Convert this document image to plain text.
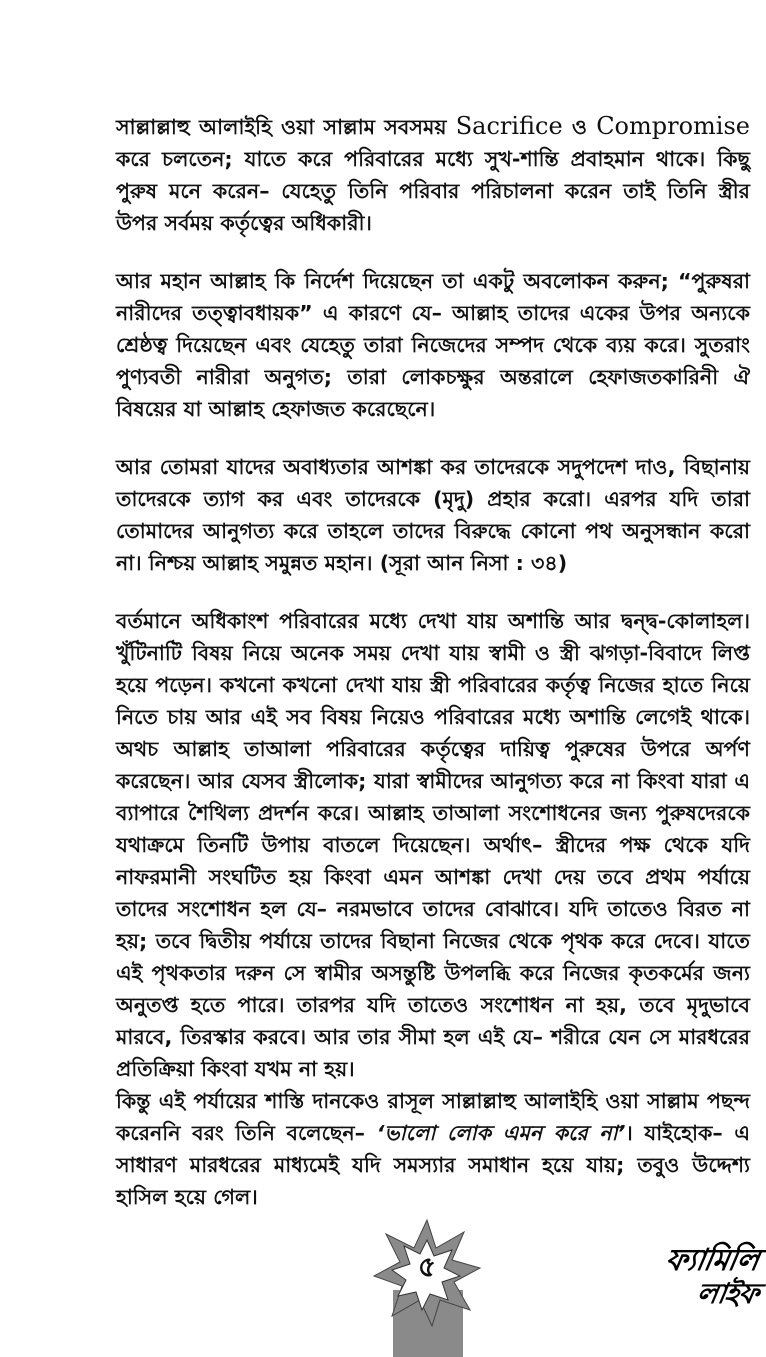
সাল্লাল্লাহু আলাইহি ওয়া সাল্লাম সবসময় Sacrifice ও Compromise করে চলতেন; যাতে করে পরিবারের মধ্যে সুখ-শান্তি প্রবাহমান থাকে। কিছু পুরুষ মনে করেন– যেহেতু তিনি পরিবার পরিচালনা করেন তাই তিনি স্ত্রীর উপর সর্বময় কর্তৃত্বের অধিকারী।

আর মহান আল্লাহ কি নির্দেশ দিয়েছেন তা একটু অবলোকন করুন; “পুরুষরা নারীদের তত্ত্বাবধায়ক” এ কারণে যে– আল্লাহ তাদের একের উপর অন্যকে শ্রেষ্ঠত্ব দিয়েছেন এবং যেহেতু তারা নিজেদের সম্পদ থেকে ব্যয় করে। সুতরাং পুণ্যবতী নারীরা অনুগত; তারা লোকচক্ষুর অন্তরালে হেফাজতকারিনী ঐ বিষয়ের যা আল্লাহ হেফাজত করেছেনে।

আর তোমরা যাদের অবাধ্যতার আশঙ্কা কর তাদেরকে সদুপদেশ দাও, বিছানায় তাদেরকে ত্যাগ কর এবং তাদেরকে (মৃদু) প্রহার করো। এরপর যদি তারা তোমাদের আনুগত্য করে তাহলে তাদের বিরুদ্ধে কোনো পথ অনুসন্ধান করো না। নিশ্চয় আল্লাহ সমুন্নত মহান। (সূরা আন নিসা : ৩৪)

বর্তমানে অধিকাংশ পরিবারের মধ্যে দেখা যায় অশান্তি আর দ্বন্দ্ব-কোলাহল। খুঁটিনাটি বিষয় নিয়ে অনেক সময় দেখা যায় স্বামী ও স্ত্রী ঝগড়া-বিবাদে লিপ্ত হয়ে পড়েন। কখনো কখনো দেখা যায় স্ত্রী পরিবারের কর্তৃত্ব নিজের হাতে নিয়ে নিতে চায় আর এই সব বিষয় নিয়েও পরিবারের মধ্যে অশান্তি লেগেই থাকে। অথচ আল্লাহ তাআলা পরিবারের কর্তৃত্বের দায়িত্ব পুরুষের উপরে অর্পণ করেছেন। আর যেসব স্ত্রীলোক; যারা স্বামীদের আনুগত্য করে না কিংবা যারা এ ব্যাপারে শৈথিল্য প্রদর্শন করে। আল্লাহ তাআলা সংশোধনের জন্য পুরুষদেরকে যথাক্রমে তিনটি উপায় বাতলে দিয়েছেন। অর্থাৎ– স্ত্রীদের পক্ষ থেকে যদি নাফরমানী সংঘটিত হয় কিংবা এমন আশঙ্কা দেখা দেয় তবে প্রথম পর্যায়ে তাদের সংশোধন হল যে– নরমভাবে তাদের বোঝাবে। যদি তাতেও বিরত না হয়; তবে দ্বিতীয় পর্যায়ে তাদের বিছানা নিজের থেকে পৃথক করে দেবে। যাতে এই পৃথকতার দরুন সে স্বামীর অসন্তুষ্টি উপলব্ধি করে নিজের কৃতকর্মের জন্য অনুতপ্ত হতে পারে। তারপর যদি তাতেও সংশোধন না হয়, তবে মৃদুভাবে মারবে, তিরস্কার করবে। আর তার সীমা হল এই যে– শরীরে যেন সে মারধরের প্রতিক্রিয়া কিংবা যখম না হয়।

কিন্তু এই পর্যায়ের শাস্তি দানকেও রাসূল সাল্লাল্লাহু আলাইহি ওয়া সাল্লাম পছন্দ করেননি বরং তিনি বলেছেন– ‘ভালো লোক এমন করে না’। যাইহোক– এ সাধারণ মারধরের মাধ্যমেই যদি সমস্যার সমাধান হয়ে যায়; তবুও উদ্দেশ্য হাসিল হয়ে গেল।

৫	ফ্যামিলি
লাইফ
